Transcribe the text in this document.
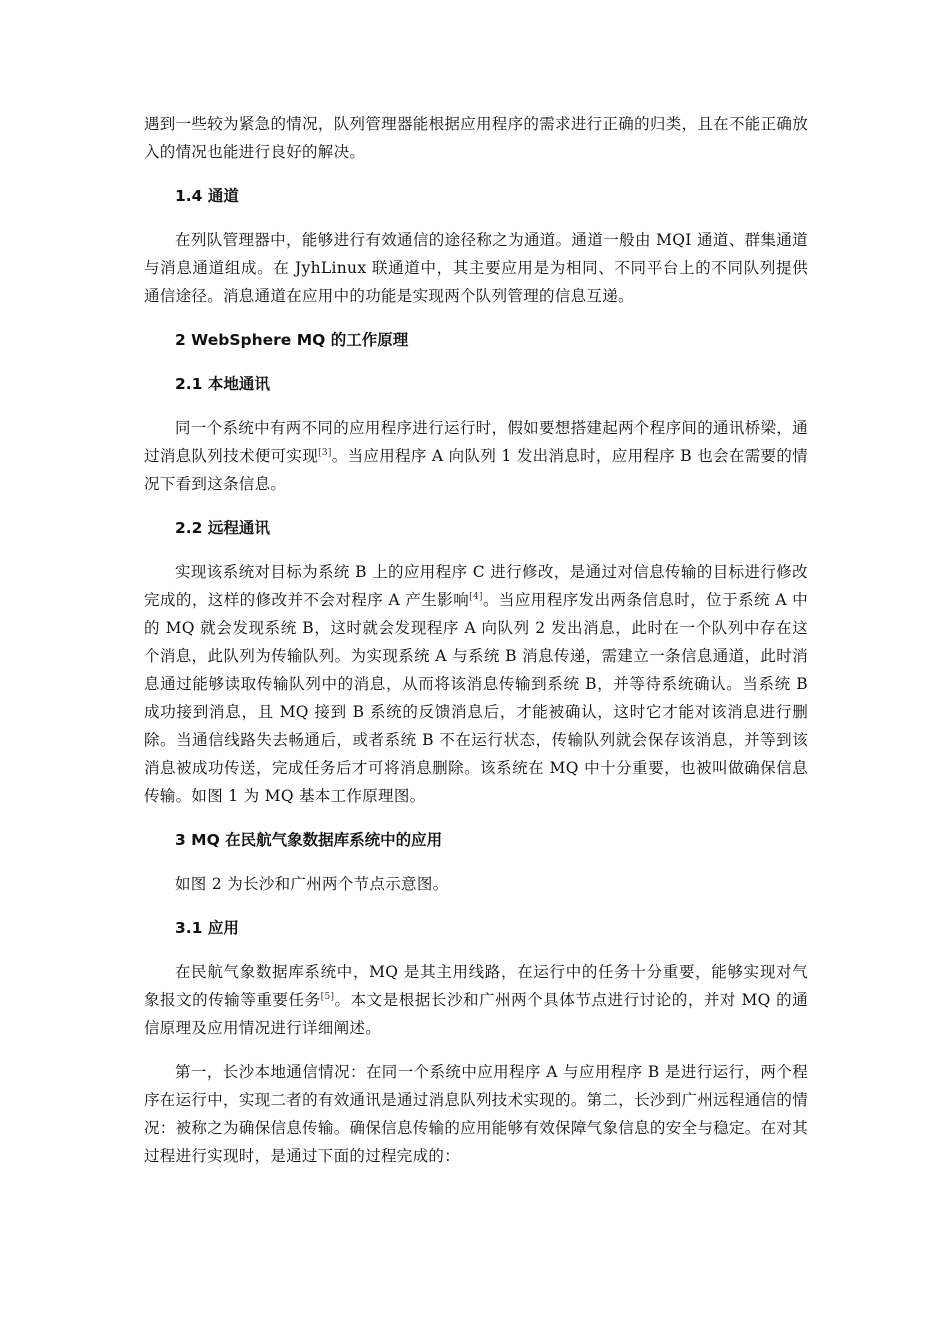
遇到一些较为紧急的情况，队列管理器能根据应用程序的需求进行正确的归类，且在不能正确放入的情况也能进行良好的解决。

1.4 通道

在列队管理器中，能够进行有效通信的途径称之为通道。通道一般由 MQI 通道、群集通道与消息通道组成。在 JyhLinux 联通道中，其主要应用是为相同、不同平台上的不同队列提供通信途径。消息通道在应用中的功能是实现两个队列管理的信息互递。

2 WebSphere MQ 的工作原理
2.1 本地通讯

同一个系统中有两不同的应用程序进行运行时，假如要想搭建起两个程序间的通讯桥梁，通过消息队列技术便可实现[3]。当应用程序 A 向队列 1 发出消息时，应用程序 B 也会在需要的情况下看到这条信息。

2.2 远程通讯

实现该系统对目标为系统 B 上的应用程序 C 进行修改，是通过对信息传输的目标进行修改完成的，这样的修改并不会对程序 A 产生影响[4]。当应用程序发出两条信息时，位于系统 A 中的 MQ 就会发现系统 B，这时就会发现程序 A 向队列 2 发出消息，此时在一个队列中存在这个消息，此队列为传输队列。为实现系统 A 与系统 B 消息传递，需建立一条信息通道，此时消息通过能够读取传输队列中的消息，从而将该消息传输到系统 B，并等待系统确认。当系统 B 成功接到消息，且 MQ 接到 B 系统的反馈消息后，才能被确认，这时它才能对该消息进行删除。当通信线路失去畅通后，或者系统 B 不在运行状态，传输队列就会保存该消息，并等到该消息被成功传送，完成任务后才可将消息删除。该系统在 MQ 中十分重要，也被叫做确保信息传输。如图 1 为 MQ 基本工作原理图。

3 MQ 在民航气象数据库系统中的应用

如图 2 为长沙和广州两个节点示意图。

3.1 应用

在民航气象数据库系统中，MQ 是其主用线路，在运行中的任务十分重要，能够实现对气象报文的传输等重要任务[5]。本文是根据长沙和广州两个具体节点进行讨论的，并对 MQ 的通信原理及应用情况进行详细阐述。

第一，长沙本地通信情况：在同一个系统中应用程序 A 与应用程序 B 是进行运行，两个程序在运行中，实现二者的有效通讯是通过消息队列技术实现的。第二，长沙到广州远程通信的情况：被称之为确保信息传输。确保信息传输的应用能够有效保障气象信息的安全与稳定。在对其过程进行实现时，是通过下面的过程完成的：
